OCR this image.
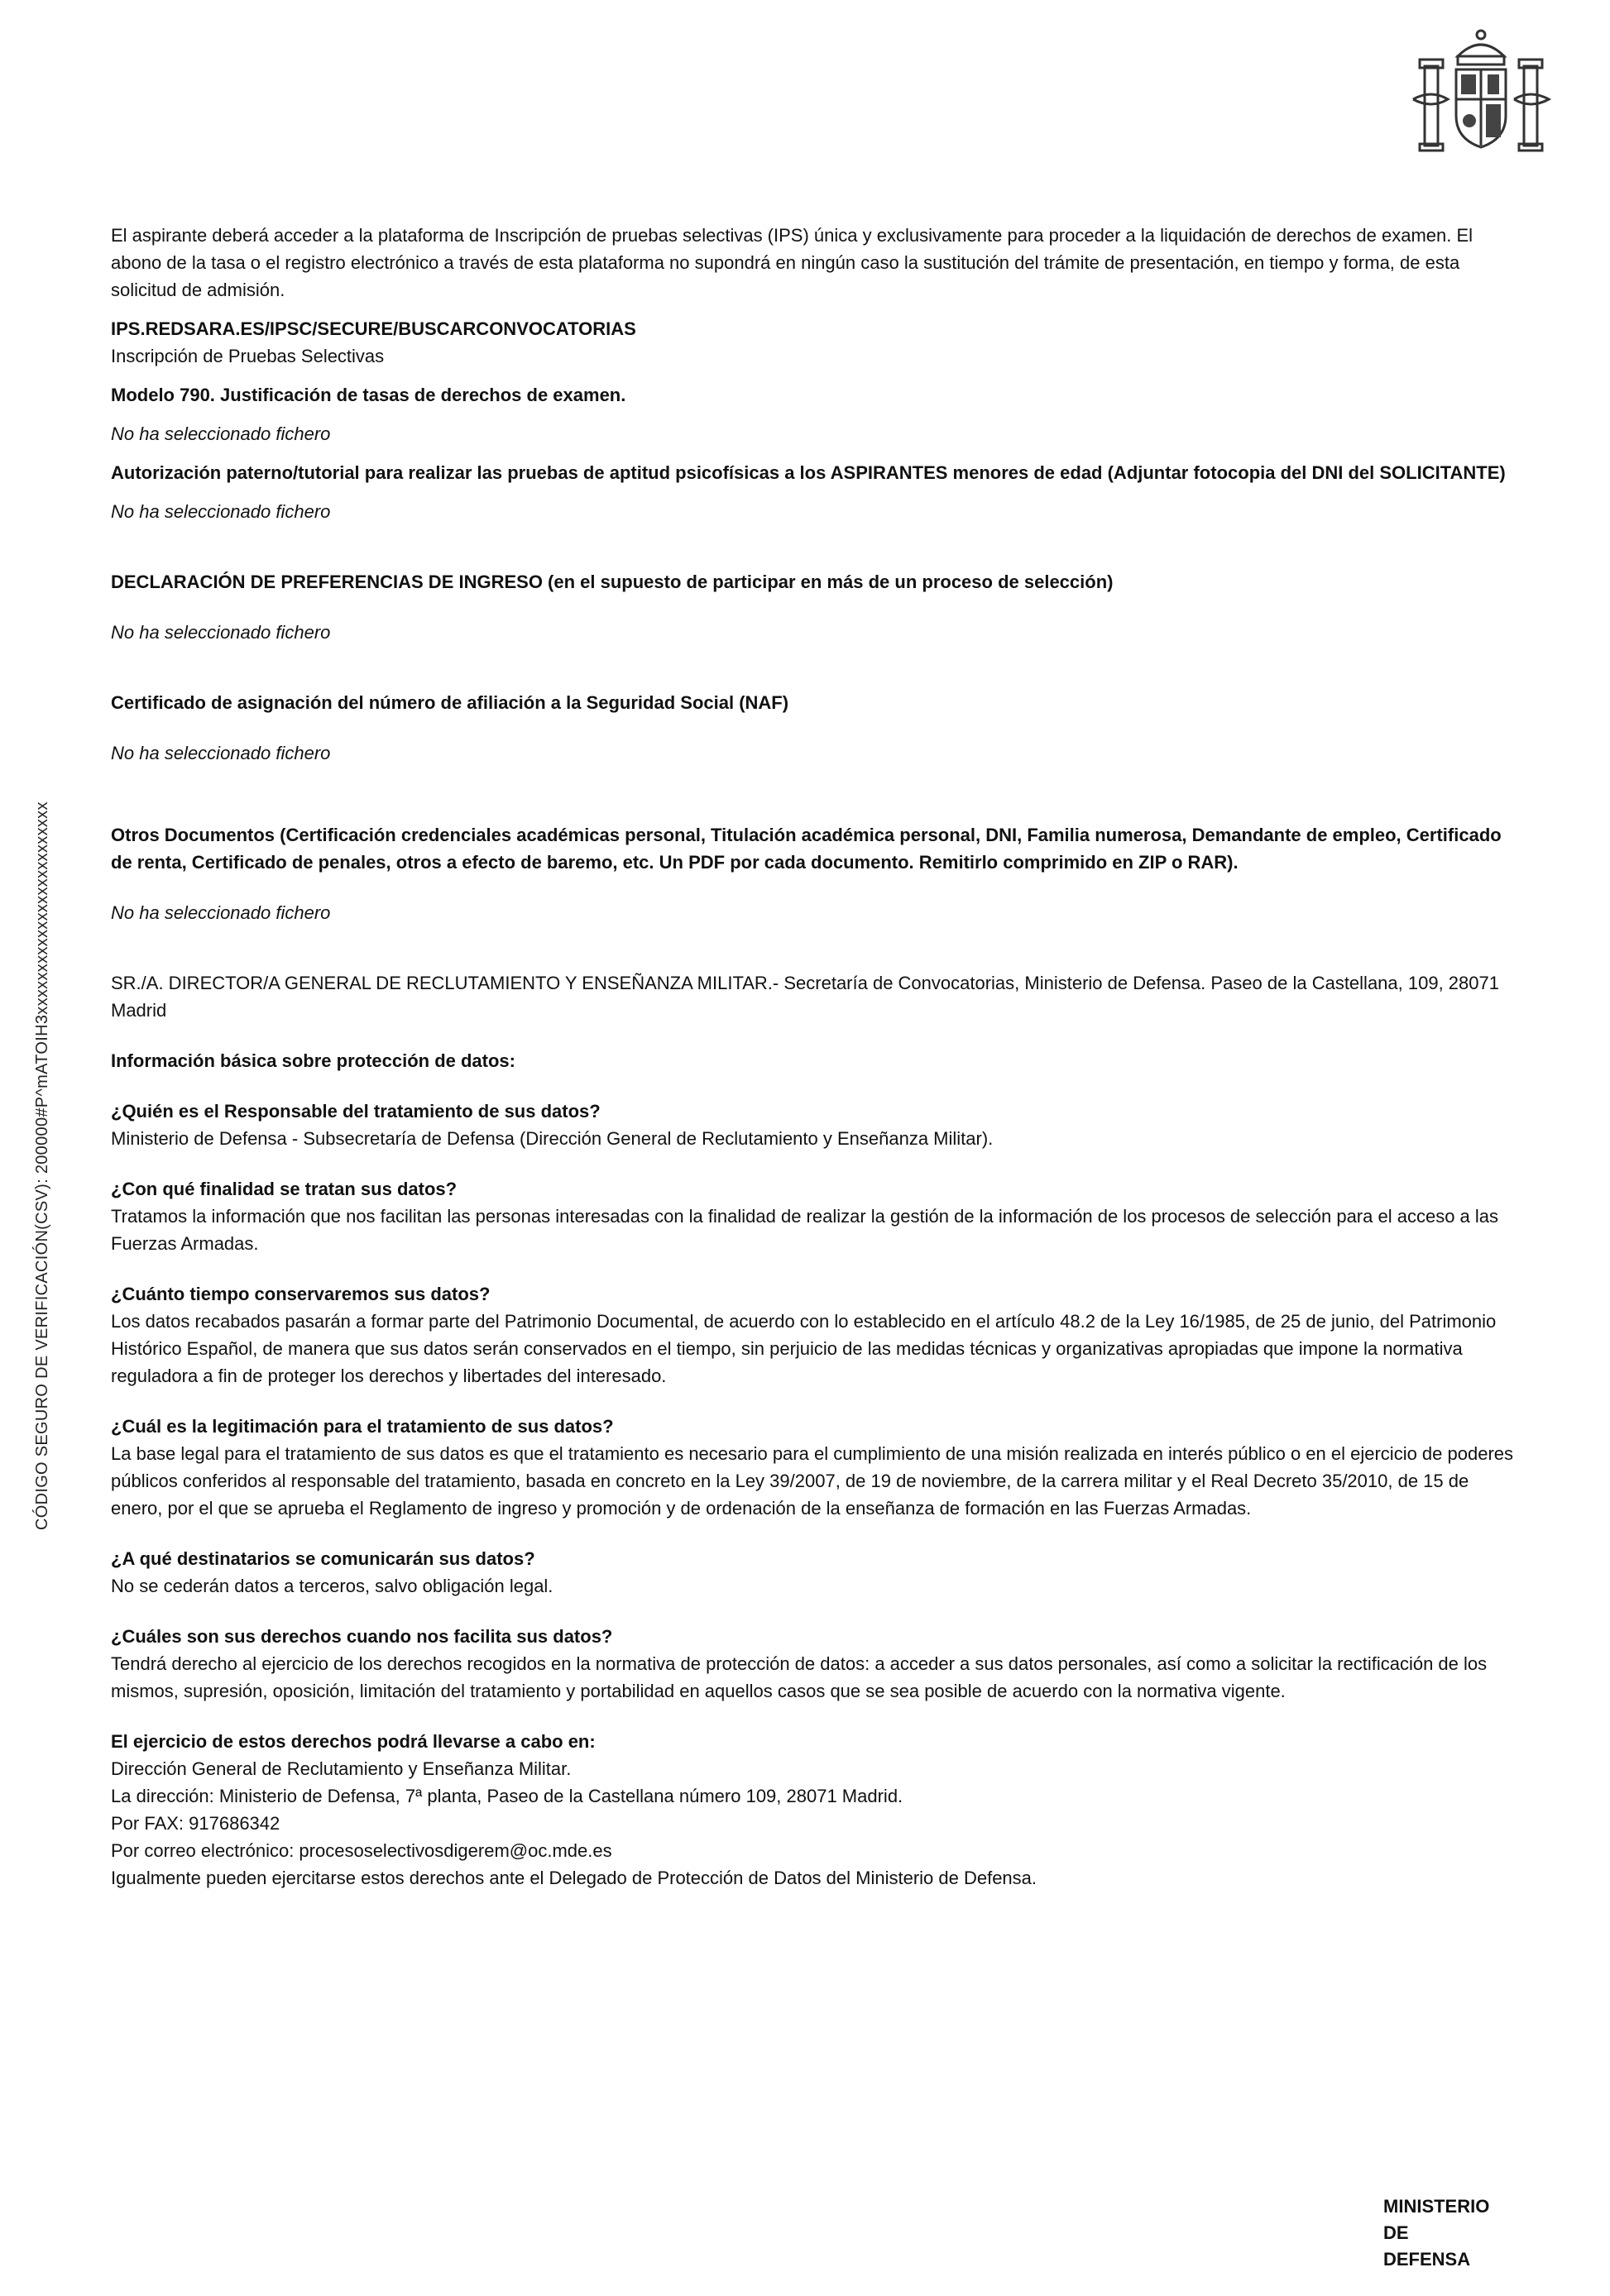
CÓDIGO SEGURO DE VERIFICACIÓN(CSV): 200000#P^mATOIH3xxxxxxxxxxxxxxxxxxxxxxxxx

El aspirante deberá acceder a la plataforma de Inscripción de pruebas selectivas (IPS) única y exclusivamente para proceder a la liquidación de derechos de examen. El abono de la tasa o el registro electrónico a través de esta plataforma no supondrá en ningún caso la sustitución del trámite de presentación, en tiempo y forma, de esta solicitud de admisión.

IPS.REDSARA.ES/IPSC/SECURE/BUSCARCONVOCATORIAS

Inscripción de Pruebas Selectivas

Modelo 790. Justificación de tasas de derechos de examen.

No ha seleccionado fichero

Autorización paterno/tutorial para realizar las pruebas de aptitud psicofísicas a los ASPIRANTES menores de edad (Adjuntar fotocopia del DNI del SOLICITANTE)

No ha seleccionado fichero

DECLARACIÓN DE PREFERENCIAS DE INGRESO (en el supuesto de participar en más de un proceso de selección)

No ha seleccionado fichero

Certificado de asignación del número de afiliación a la Seguridad Social (NAF)

No ha seleccionado fichero

Otros Documentos (Certificación credenciales académicas personal, Titulación académica personal, DNI, Familia numerosa, Demandante de empleo, Certificado de renta, Certificado de penales, otros a efecto de baremo, etc. Un PDF por cada documento. Remitirlo comprimido en ZIP o RAR).

No ha seleccionado fichero

SR./A. DIRECTOR/A GENERAL DE RECLUTAMIENTO Y ENSEÑANZA MILITAR.- Secretaría de Convocatorias, Ministerio de Defensa. Paseo de la Castellana, 109, 28071 Madrid

Información básica sobre protección de datos:

¿Quién es el Responsable del tratamiento de sus datos?

Ministerio de Defensa - Subsecretaría de Defensa (Dirección General de Reclutamiento y Enseñanza Militar).

¿Con qué finalidad se tratan sus datos?

Tratamos la información que nos facilitan las personas interesadas con la finalidad de realizar la gestión de la información de los procesos de selección para el acceso a las Fuerzas Armadas.

¿Cuánto tiempo conservaremos sus datos?

Los datos recabados pasarán a formar parte del Patrimonio Documental, de acuerdo con lo establecido en el artículo 48.2 de la Ley 16/1985, de 25 de junio, del Patrimonio Histórico Español, de manera que sus datos serán conservados en el tiempo, sin perjuicio de las medidas técnicas y organizativas apropiadas que impone la normativa reguladora a fin de proteger los derechos y libertades del interesado.

¿Cuál es la legitimación para el tratamiento de sus datos?

La base legal para el tratamiento de sus datos es que el tratamiento es necesario para el cumplimiento de una misión realizada en interés público o en el ejercicio de poderes públicos conferidos al responsable del tratamiento, basada en concreto en la Ley 39/2007, de 19 de noviembre, de la carrera militar y el Real Decreto 35/2010, de 15 de enero, por el que se aprueba el Reglamento de ingreso y promoción y de ordenación de la enseñanza de formación en las Fuerzas Armadas.

¿A qué destinatarios se comunicarán sus datos?

No se cederán datos a terceros, salvo obligación legal.

¿Cuáles son sus derechos cuando nos facilita sus datos?

Tendrá derecho al ejercicio de los derechos recogidos en la normativa de protección de datos: a acceder a sus datos personales, así como a solicitar la rectificación de los mismos, supresión, oposición, limitación del tratamiento y portabilidad en aquellos casos que se sea posible de acuerdo con la normativa vigente.

El ejercicio de estos derechos podrá llevarse a cabo en:

Dirección General de Reclutamiento y Enseñanza Militar.

La dirección: Ministerio de Defensa, 7ª planta, Paseo de la Castellana número 109, 28071 Madrid.

Por FAX: 917686342

Por correo electrónico: procesoselectivosdigerem@oc.mde.es

Igualmente pueden ejercitarse estos derechos ante el Delegado de Protección de Datos del Ministerio de Defensa.

MINISTERIO
DE
DEFENSA
